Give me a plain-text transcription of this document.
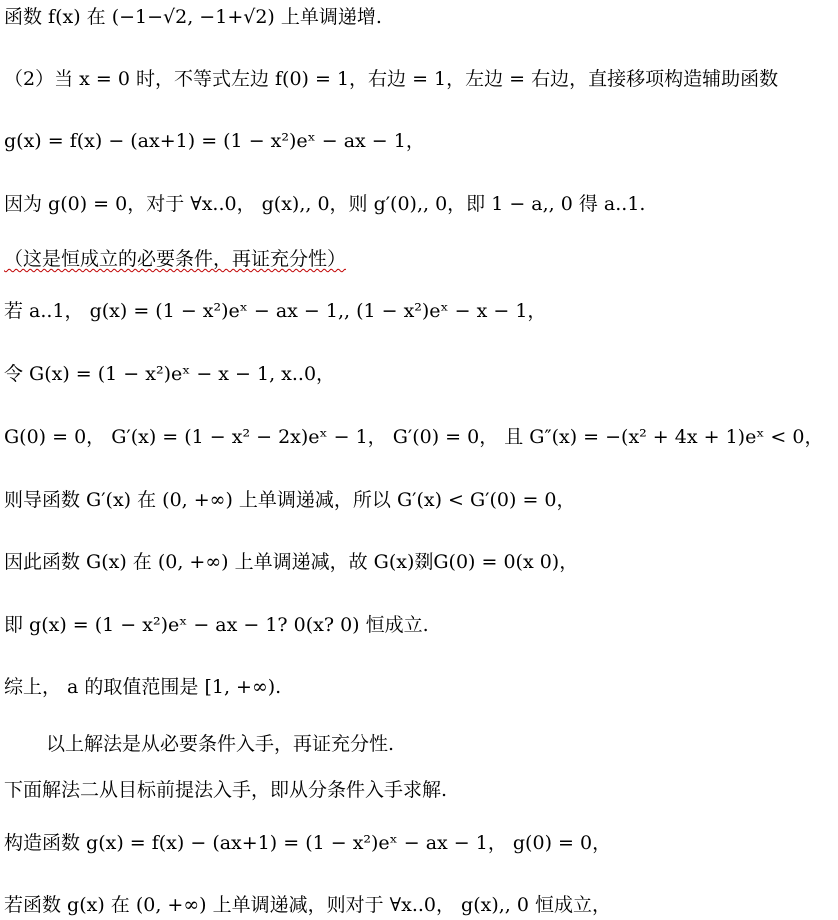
函数 f(x) 在 (−1−√2, −1+√2) 上单调递增.
（2）当 x = 0 时，不等式左边 f(0) = 1，右边 = 1，左边 = 右边，直接移项构造辅助函数
g(x) = f(x) − (ax+1) = (1 − x²)eˣ − ax − 1，
因为 g(0) = 0，对于 ∀x..0， g(x),, 0，则 g′(0),, 0，即 1 − a,, 0 得 a..1.
（这是恒成立的必要条件，再证充分性）
若 a..1， g(x) = (1 − x²)eˣ − ax − 1,, (1 − x²)eˣ − x − 1，
令 G(x) = (1 − x²)eˣ − x − 1, x..0，
G(0) = 0， G′(x) = (1 − x² − 2x)eˣ − 1， G′(0) = 0， 且 G″(x) = −(x² + 4x + 1)eˣ < 0，
则导函数 G′(x) 在 (0, +∞) 上单调递减，所以 G′(x) < G′(0) = 0，
因此函数 G(x) 在 (0, +∞) 上单调递减，故 G(x)剟G(0) = 0(x 0)，
即 g(x) = (1 − x²)eˣ − ax − 1? 0(x? 0) 恒成立.
综上， a 的取值范围是 [1, +∞).
以上解法是从必要条件入手，再证充分性.
下面解法二从目标前提法入手，即从分条件入手求解.
构造函数 g(x) = f(x) − (ax+1) = (1 − x²)eˣ − ax − 1， g(0) = 0，
若函数 g(x) 在 (0, +∞) 上单调递减，则对于 ∀x..0， g(x),, 0 恒成立，
